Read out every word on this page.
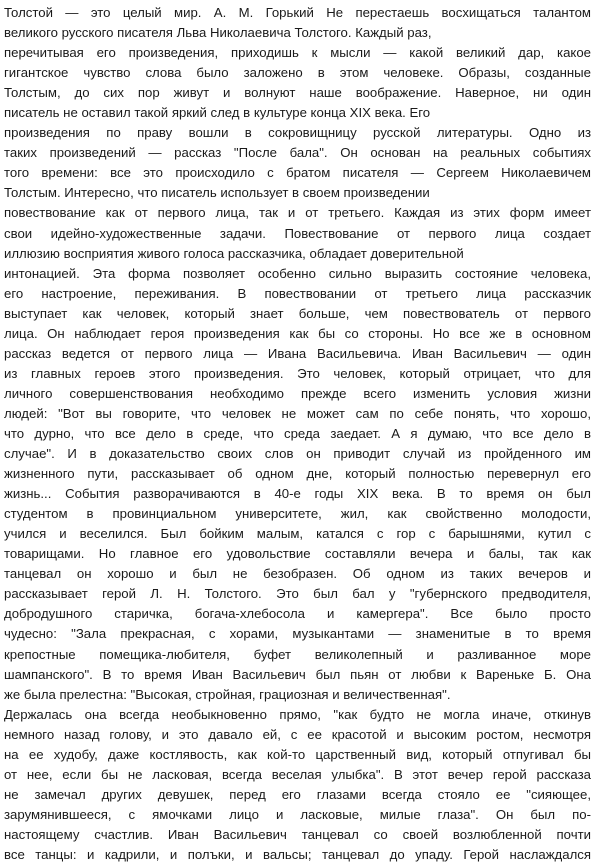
Толстой — это целый мир. А. М. Горький Не перестаешь восхищаться талантом
великого русского писателя Льва Николаевича Толстого. Каждый раз,
перечитывая его произведения, приходишь к мысли — какой великий дар, какое
гигантское чувство слова было заложено в этом человеке. Образы, созданные
Толстым, до сих пор живут и волнуют наше воображение. Наверное, ни один
писатель не оставил такой яркий след в культуре конца XIX века. Его
произведения по праву вошли в сокровищницу русской литературы. Одно из
таких произведений — рассказ "После бала". Он основан на реальных событиях
того времени: все это происходило с братом писателя — Сергеем Николаевичем
Толстым. Интересно, что писатель использует в своем произведении
повествование как от первого лица, так и от третьего. Каждая из этих форм имеет
свои идейно-художественные задачи. Повествование от первого лица создает
иллюзию восприятия живого голоса рассказчика, обладает доверительной
интонацией. Эта форма позволяет особенно сильно выразить состояние человека,
его настроение, переживания. В повествовании от третьего лица рассказчик
выступает как человек, который знает больше, чем повествователь от первого
лица. Он наблюдает героя произведения как бы со стороны. Но все же в основном
рассказ ведется от первого лица — Ивана Васильевича. Иван Васильевич — один
из главных героев этого произведения. Это человек, который отрицает, что для
личного совершенствования необходимо прежде всего изменить условия жизни
людей: "Вот вы говорите, что человек не может сам по себе понять, что хорошо,
что дурно, что все дело в среде, что среда заедает. А я думаю, что все дело в
случае". И в доказательство своих слов он приводит случай из пройденного им
жизненного пути, рассказывает об одном дне, который полностью перевернул его
жизнь... События разворачиваются в 40-е годы XIX века. В то время он был
студентом в провинциальном университете, жил, как свойственно молодости,
учился и веселился. Был бойким малым, катался с гор с барышнями, кутил с
товарищами. Но главное его удовольствие составляли вечера и балы, так как
танцевал он хорошо и был не безобразен. Об одном из таких вечеров и
рассказывает герой Л. Н. Толстого. Это был бал у "губернского предводителя,
добродушного старичка, богача-хлебосола и камергера". Все было просто
чудесно: "Зала прекрасная, с хорами, музыкантами — знаменитые в то время
крепостные помещика-любителя, буфет великолепный и разливанное море
шампанского". В то время Иван Васильевич был пьян от любви к Вареньке Б. Она
же была прелестна: "Высокая, стройная, грациозная и величественная".
Держалась она всегда необыкновенно прямо, "как будто не могла иначе, откинув
немного назад голову, и это давало ей, с ее красотой и высоким ростом, несмотря
на ее худобу, даже костлявость, как кой-то царственный вид, который отпугивал бы
от нее, если бы не ласковая, всегда веселая улыбка". В этот вечер герой рассказа
не замечал других девушек, перед его глазами всегда стояло ее "сияющее,
зарумянившееся, с ямочками лицо и ласковые, милые глаза". Он был по-
настоящему счастлив. Иван Васильевич танцевал со своей возлюбленной почти
все танцы: и кадрили, и полъки, и вальсы; танцевал до упаду. Герой наслаждался
